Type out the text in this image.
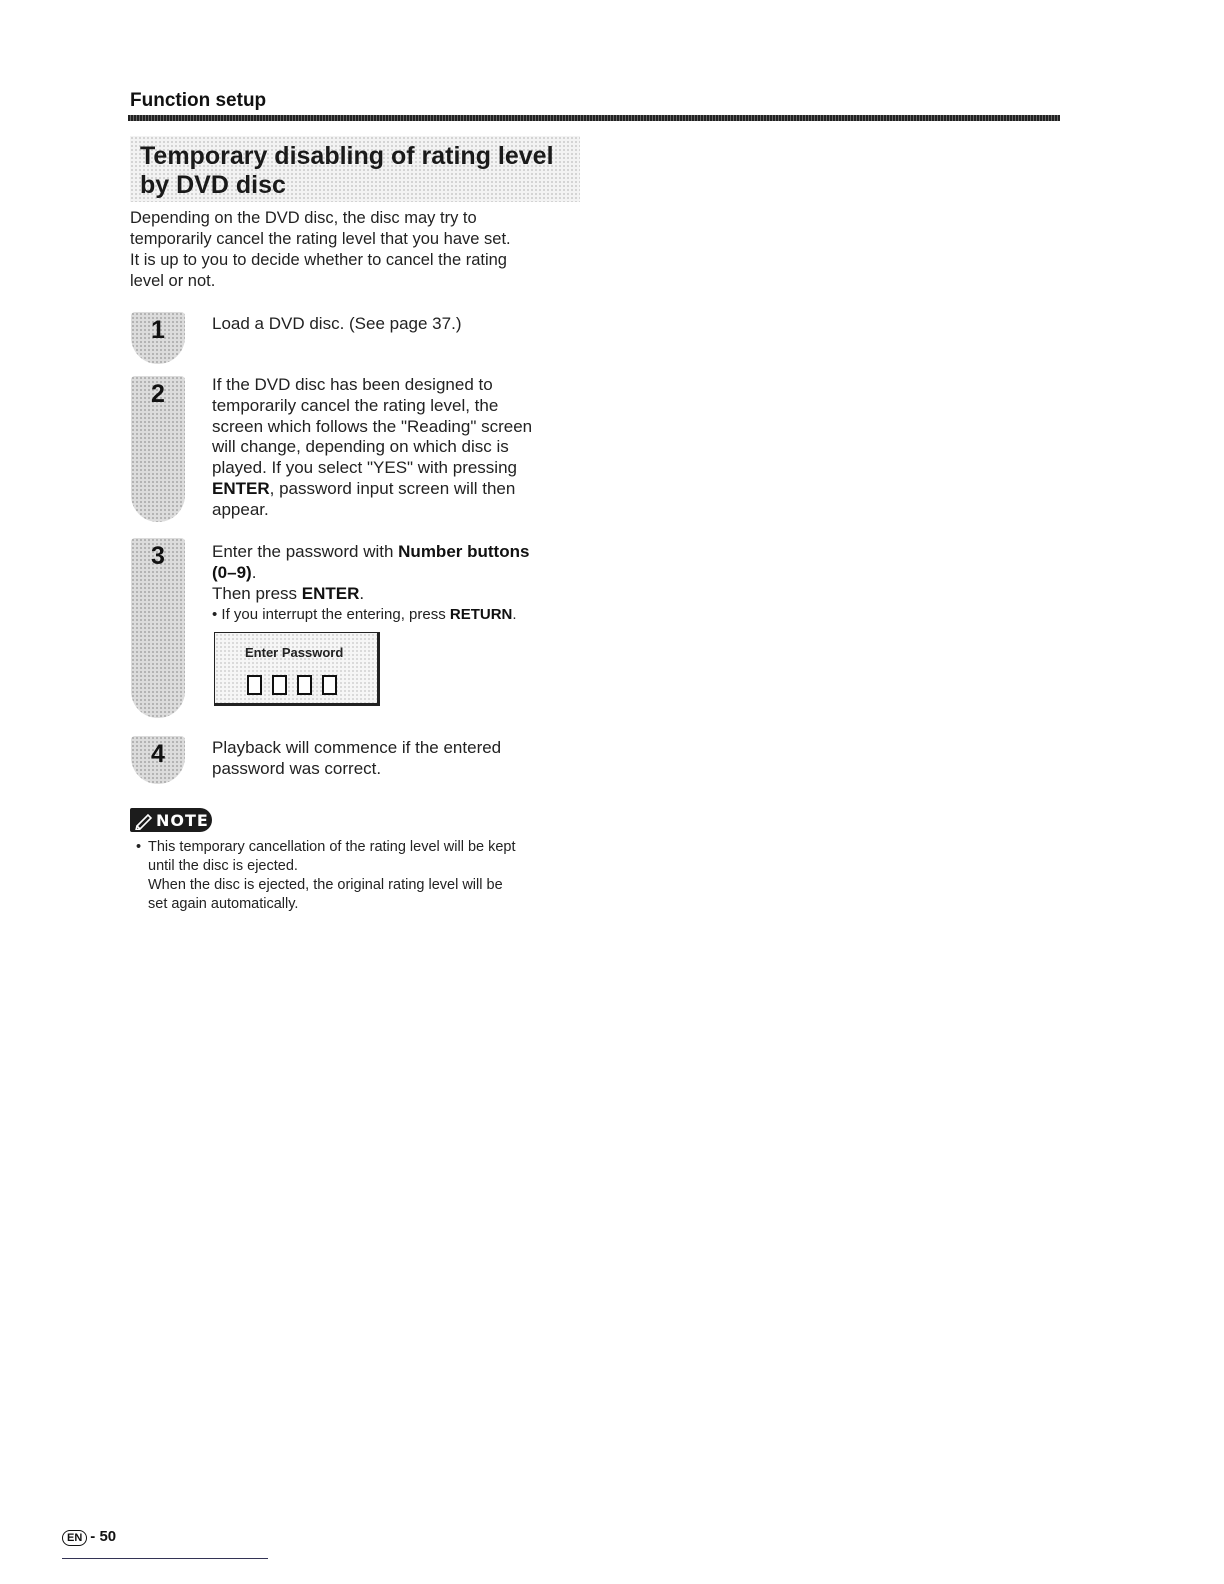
Function setup
Temporary disabling of rating level
by DVD disc

Depending on the DVD disc, the disc may try to
temporarily cancel the rating level that you have set.
It is up to you to decide whether to cancel the rating
level or not.

1	Load a DVD disc. (See page 37.)

2	If the DVD disc has been designed to
temporarily cancel the rating level, the
screen which follows the "Reading" screen
will change, depending on which disc is
played. If you select "YES" with pressing
ENTER, password input screen will then
appear.

3	Enter the password with Number buttons
(0–9).
Then press ENTER.
• If you interrupt the entering, press RETURN.

Enter Password
4	Playback will commence if the entered
password was correct.

NOTE

• This temporary cancellation of the rating level will be kept
until the disc is ejected.
When the disc is ejected, the original rating level will be
set again automatically.

EN - 50
